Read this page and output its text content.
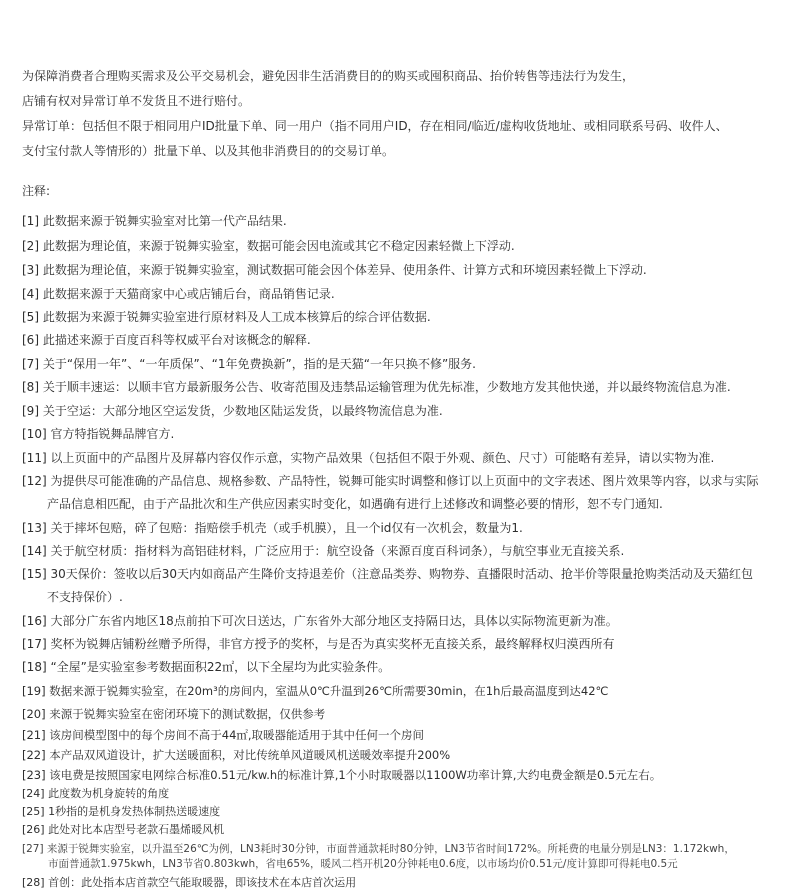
为保障消费者合理购买需求及公平交易机会，避免因非生活消费目的的购买或囤积商品、抬价转售等违法行为发生，
店铺有权对异常订单不发货且不进行赔付。
异常订单：包括但不限于相同用户ID批量下单、同一用户（指不同用户ID，存在相同/临近/虚构收货地址、或相同联系号码、收件人、
支付宝付款人等情形的）批量下单、以及其他非消费目的的交易订单。
注释:
[1] 此数据来源于锐舞实验室对比第一代产品结果.
[2] 此数据为理论值，来源于锐舞实验室，数据可能会因电流或其它不稳定因素轻微上下浮动.
[3] 此数据为理论值，来源于锐舞实验室，测试数据可能会因个体差异、使用条件、计算方式和环境因素轻微上下浮动.
[4] 此数据来源于天猫商家中心或店铺后台，商品销售记录.
[5] 此数据为来源于锐舞实验室进行原材料及人工成本核算后的综合评估数据.
[6] 此描述来源于百度百科等权威平台对该概念的解释.
[7] 关于“保用一年”、“一年质保”、“1年免费换新”，指的是天猫“一年只换不修”服务.
[8] 关于顺丰速运：以顺丰官方最新服务公告、收寄范围及违禁品运输管理为优先标准，少数地方发其他快递，并以最终物流信息为准.
[9] 关于空运：大部分地区空运发货，少数地区陆运发货，以最终物流信息为准.
[10] 官方特指锐舞品牌官方.
[11] 以上页面中的产品图片及屏幕内容仅作示意，实物产品效果（包括但不限于外观、颜色、尺寸）可能略有差异，请以实物为准.
[12] 为提供尽可能准确的产品信息、规格参数、产品特性，锐舞可能实时调整和修订以上页面中的文字表述、图片效果等内容，以求与实际
产品信息相匹配，由于产品批次和生产供应因素实时变化，如遇确有进行上述修改和调整必要的情形，恕不专门通知.
[13] 关于摔坏包赔，碎了包赔：指赔偿手机壳（或手机膜），且一个id仅有一次机会，数量为1.
[14] 关于航空材质：指材料为高铝硅材料，广泛应用于：航空设备（来源百度百科词条），与航空事业无直接关系.
[15] 30天保价：签收以后30天内如商品产生降价支持退差价（注意品类券、购物券、直播限时活动、抢半价等限量抢购类活动及天猫红包
不支持保价）.
[16] 大部分广东省内地区18点前拍下可次日送达，广东省外大部分地区支持隔日达，具体以实际物流更新为准。
[17] 奖杯为锐舞店铺粉丝赠予所得，非官方授予的奖杯，与是否为真实奖杯无直接关系，最终解释权归漠西所有
[18] “全屋”是实验室参考数据面积22㎡，以下全屋均为此实验条件。
[19] 数据来源于锐舞实验室，在20m³的房间内，室温从0℃升温到26℃所需要30min，在1h后最高温度到达42℃
[20] 来源于锐舞实验室在密闭环境下的测试数据，仅供参考
[21] 该房间模型图中的每个房间不高于44㎡,取暖器能适用于其中任何一个房间
[22] 本产品双风道设计，扩大送暖面积，对比传统单风道暖风机送暖效率提升200%
[23] 该电费是按照国家电网综合标准0.51元/kw.h的标准计算,1个小时取暖器以1100W功率计算,大约电费金额是0.5元左右。
[24] 此度数为机身旋转的角度
[25] 1秒指的是机身发热体制热送暖速度
[26] 此处对比本店型号老款石墨烯暖风机
[27] 来源于锐舞实验室，以升温至26℃为例，LN3耗时30分钟，市面普通款耗时80分钟，LN3节省时间172%。所耗费的电量分别是LN3：1.172kwh，
市面普通款1.975kwh，LN3节省0.803kwh，省电65%，暖风二档开机20分钟耗电0.6度，以市场均价0.51元/度计算即可得耗电0.5元
[28] 首创：此处指本店首款空气能取暖器，即该技术在本店首次运用
